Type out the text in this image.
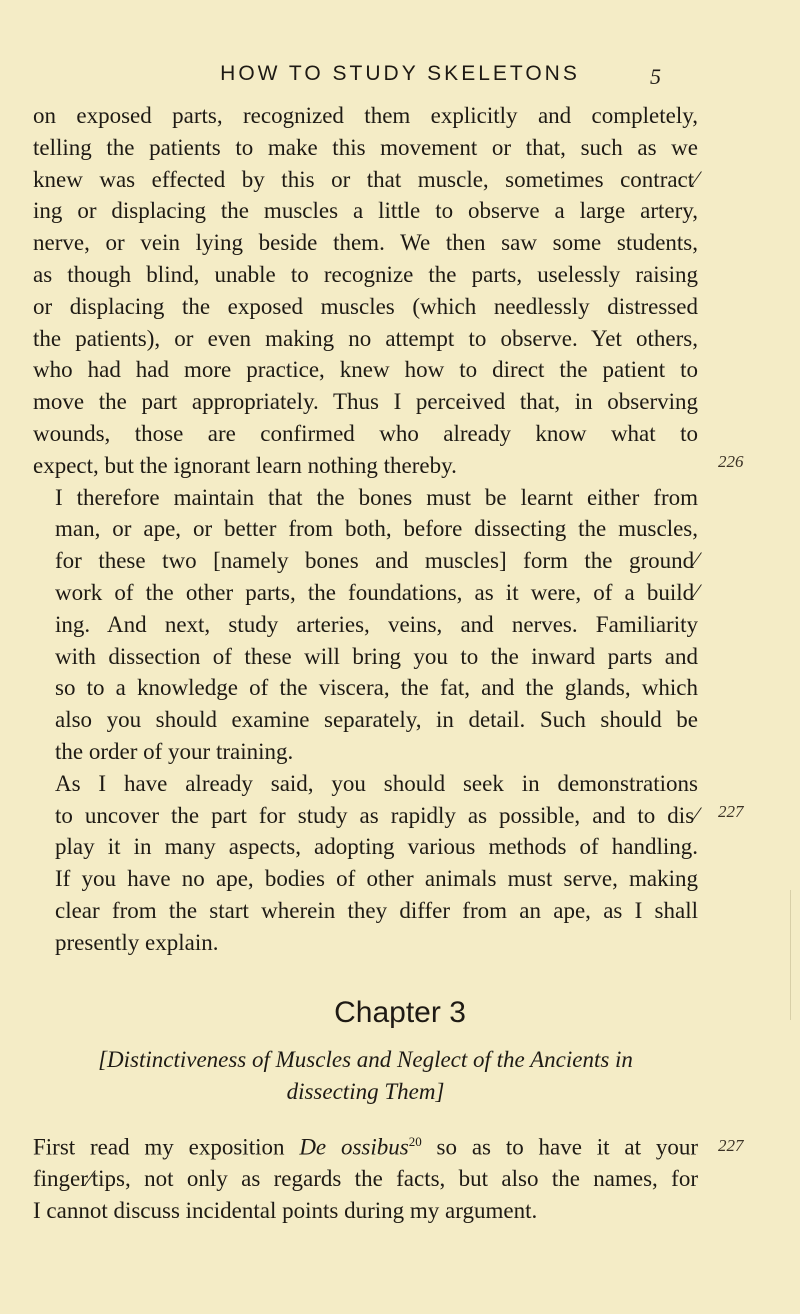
HOW TO STUDY SKELETONS	5

on exposed parts, recognized them explicitly and completely,
telling the patients to make this movement or that, such as we
knew was effected by this or that muscle, sometimes contract⁄
ing or displacing the muscles a little to observe a large artery,
nerve, or vein lying beside them. We then saw some students,
as though blind, unable to recognize the parts, uselessly raising
or displacing the exposed muscles (which needlessly distressed
the patients), or even making no attempt to observe. Yet others,
who had had more practice, knew how to direct the patient to
move the part appropriately. Thus I perceived that, in observing
wounds, those are confirmed who already know what to
expect, but the ignorant learn nothing thereby.

I therefore maintain that the bones must be learnt either from
man, or ape, or better from both, before dissecting the muscles,
for these two [namely bones and muscles] form the ground⁄
work of the other parts, the foundations, as it were, of a build⁄
ing. And next, study arteries, veins, and nerves. Familiarity
with dissection of these will bring you to the inward parts and
so to a knowledge of the viscera, the fat, and the glands, which
also you should examine separately, in detail. Such should be
the order of your training.

As I have already said, you should seek in demonstrations
to uncover the part for study as rapidly as possible, and to dis⁄
play it in many aspects, adopting various methods of handling.
If you have no ape, bodies of other animals must serve, making
clear from the start wherein they differ from an ape, as I shall
presently explain.

226
227
227
Chapter 3
[Distinctiveness of Muscles and Neglect of the Ancients in
dissecting Them]
First read my exposition De ossibus$^{20}$ so as to have it at your
finger⁄tips, not only as regards the facts, but also the names, for
I cannot discuss incidental points during my argument.
